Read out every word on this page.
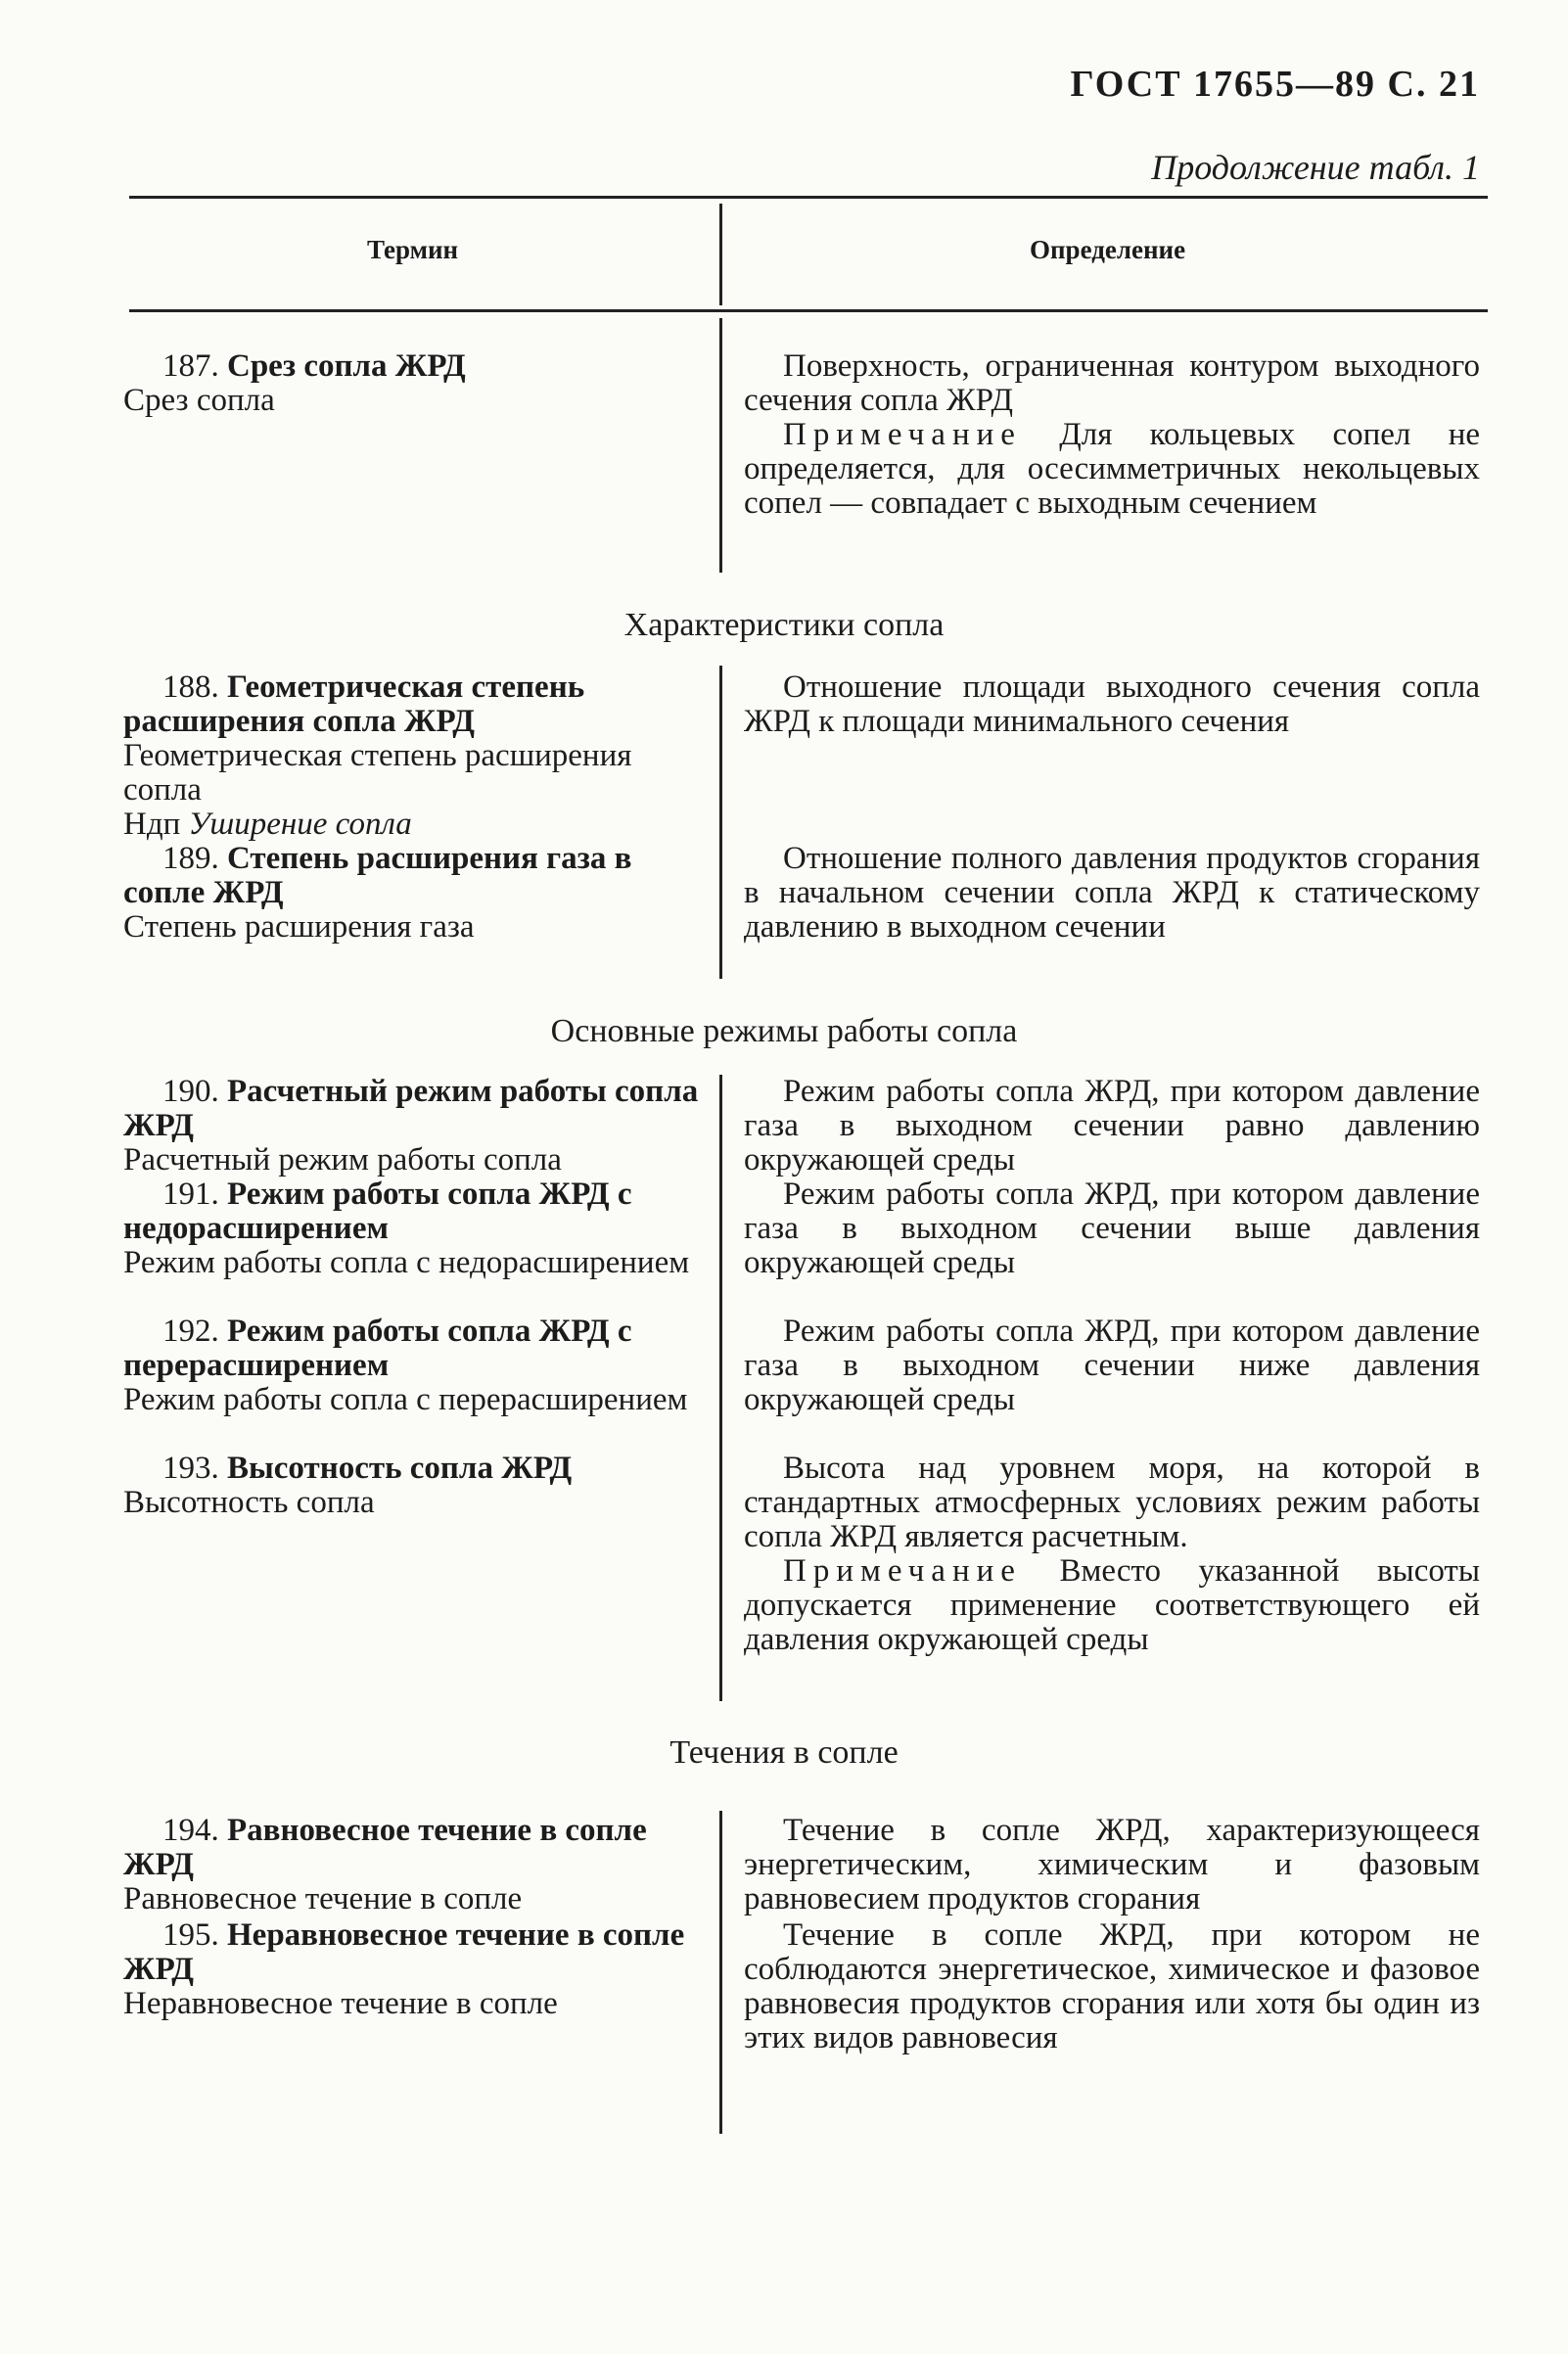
ГОСТ 17655—89 С. 21
Продолжение табл. 1
Термин	Определение

187. Срез сопла ЖРД

Срез сопла

Поверхность, ограниченная контуром выходного сечения сопла ЖРД

Примечание Для кольцевых сопел не определяется, для осесимметричных некольцевых сопел — совпадает с выходным сечением

Характеристики сопла

188. Геометрическая степень расширения сопла ЖРД

Геометрическая степень расширения сопла

Ндп Уширение сопла

Отношение площади выходного сечения сопла ЖРД к площади минимального сечения

189. Степень расширения газа в сопле ЖРД

Степень расширения газа

Отношение полного давления продуктов сгорания в начальном сечении сопла ЖРД к статическому давлению в выходном сечении

Основные режимы работы сопла

190. Расчетный режим работы сопла ЖРД

Расчетный режим работы сопла

Режим работы сопла ЖРД, при котором давление газа в выходном сечении равно давлению окружающей среды

191. Режим работы сопла ЖРД с недорасширением

Режим работы сопла с недорасширением

Режим работы сопла ЖРД, при котором давление газа в выходном сечении выше давления окружающей среды

192. Режим работы сопла ЖРД с перерасширением

Режим работы сопла с перерасширением

Режим работы сопла ЖРД, при котором давление газа в выходном сечении ниже давления окружающей среды

193. Высотность сопла ЖРД

Высотность сопла

Высота над уровнем моря, на которой в стандартных атмосферных условиях режим работы сопла ЖРД является расчетным.

Примечание Вместо указанной высоты допускается применение соответствующего ей давления окружающей среды

Течения в сопле

194. Равновесное течение в сопле ЖРД

Равновесное течение в сопле

Течение в сопле ЖРД, характеризующееся энергетическим, химическим и фазовым равновесием продуктов сгорания

195. Неравновесное течение в сопле ЖРД

Неравновесное течение в сопле

Течение в сопле ЖРД, при котором не соблюдаются энергетическое, химическое и фазовое равновесия продуктов сгорания или хотя бы один из этих видов равновесия
